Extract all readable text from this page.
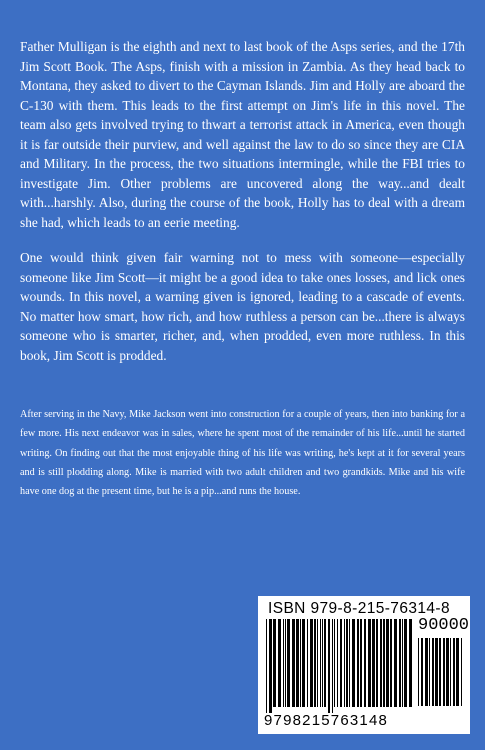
Father Mulligan is the eighth and next to last book of the Asps series, and the 17th Jim Scott Book. The Asps, finish with a mission in Zambia. As they head back to Montana, they asked to divert to the Cayman Islands. Jim and Holly are aboard the C-130 with them. This leads to the first attempt on Jim's life in this novel. The team also gets involved trying to thwart a terrorist attack in America, even though it is far outside their purview, and well against the law to do so since they are CIA and Military. In the process, the two situations intermingle, while the FBI tries to investigate Jim. Other problems are uncovered along the way...and dealt with...harshly. Also, during the course of the book, Holly has to deal with a dream she had, which leads to an eerie meeting.

One would think given fair warning not to mess with someone—especially someone like Jim Scott—it might be a good idea to take ones losses, and lick ones wounds. In this novel, a warning given is ignored, leading to a cascade of events. No matter how smart, how rich, and how ruthless a person can be...there is always someone who is smarter, richer, and, when prodded, even more ruthless. In this book, Jim Scott is prodded.

After serving in the Navy, Mike Jackson went into construction for a couple of years, then into banking for a few more. His next endeavor was in sales, where he spent most of the remainder of his life...until he started writing. On finding out that the most enjoyable thing of his life was writing, he's kept at it for several years and is still plodding along. Mike is married with two adult children and two grandkids. Mike and his wife have one dog at the present time, but he is a pip...and runs the house.

ISBN 979-8-215-76314-8
90000
9798215763148
